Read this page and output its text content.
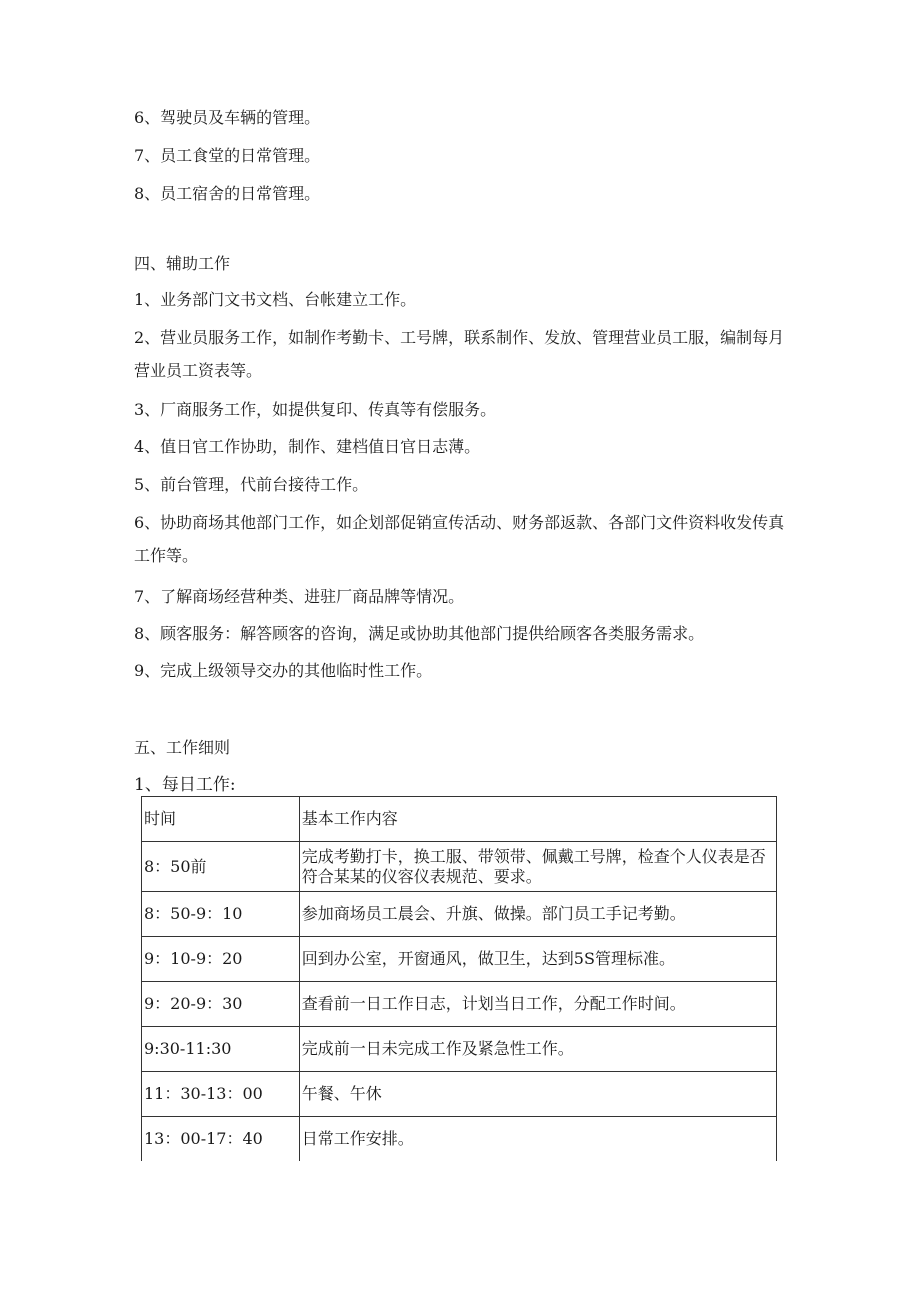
6、驾驶员及车辆的管理。
7、员工食堂的日常管理。
8、员工宿舍的日常管理。
四、辅助工作
1、业务部门文书文档、台帐建立工作。
2、营业员服务工作，如制作考勤卡、工号牌，联系制作、发放、管理营业员工服，编制每月营业员工资表等。
3、厂商服务工作，如提供复印、传真等有偿服务。
4、值日官工作协助，制作、建档值日官日志薄。
5、前台管理，代前台接待工作。
6、协助商场其他部门工作，如企划部促销宣传活动、财务部返款、各部门文件资料收发传真工作等。
7、了解商场经营种类、进驻厂商品牌等情况。
8、顾客服务：解答顾客的咨询，满足或协助其他部门提供给顾客各类服务需求。
9、完成上级领导交办的其他临时性工作。
五、工作细则
1、每日工作:
时间	基本工作内容
8：50前	完成考勤打卡，换工服、带领带、佩戴工号牌，检查个人仪表是否符合某某的仪容仪表规范、要求。
8：50-9：10	参加商场员工晨会、升旗、做操。部门员工手记考勤。
9：10-9：20	回到办公室，开窗通风，做卫生，达到5S管理标准。
9：20-9：30	查看前一日工作日志，计划当日工作，分配工作时间。
9:30-11:30	完成前一日未完成工作及紧急性工作。
11：30-13：00	午餐、午休
13：00-17：40	日常工作安排。
